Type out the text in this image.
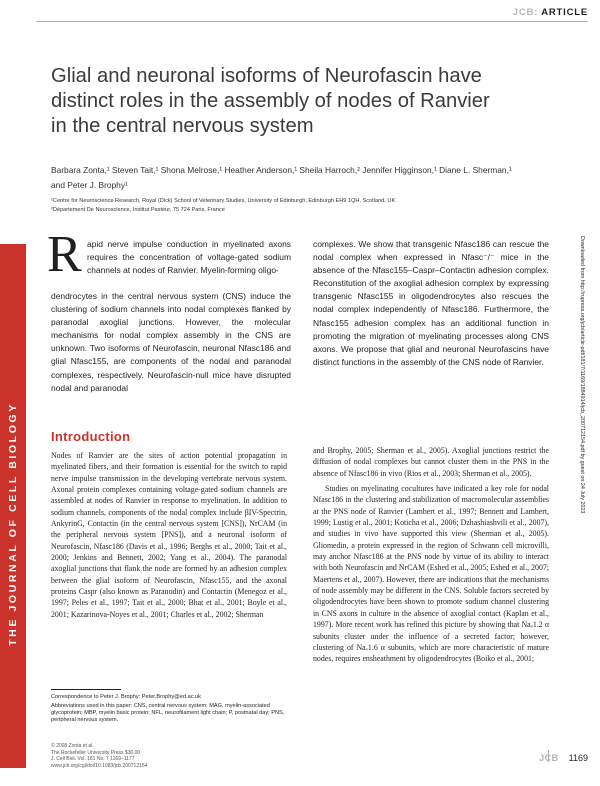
JCB: ARTICLE
THE JOURNAL OF CELL BIOLOGY
Glial and neuronal isoforms of Neurofascin have distinct roles in the assembly of nodes of Ranvier in the central nervous system
Barbara Zonta,¹ Steven Tait,¹ Shona Melrose,¹ Heather Anderson,¹ Sheila Harroch,² Jennifer Higginson,¹ Diane L. Sherman,¹ and Peter J. Brophy¹
¹Centre for Neuroscience Research, Royal (Dick) School of Veterinary Studies, University of Edinburgh, Edinburgh EH9 1QH, Scotland, UK
²Département De Neuroscience, Institut Pasteur, 75 724 Paris, France
R apid nerve impulse conduction in myelinated axons requires the concentration of voltage-gated sodium channels at nodes of Ranvier. Myelin-forming oligo-

dendrocytes in the central nervous system (CNS) induce the clustering of sodium channels into nodal complexes flanked by paranodal axoglial junctions. However, the molecular mechanisms for nodal complex assembly in the CNS are unknown. Two isoforms of Neurofascin, neuronal Nfasc186 and glial Nfasc155, are components of the nodal and paranodal complexes, respectively. Neurofascin-null mice have disrupted nodal and paranodal

complexes. We show that transgenic Nfasc186 can rescue the nodal complex when expressed in Nfasc⁻/⁻ mice in the absence of the Nfasc155–Caspr–Contactin adhesion complex. Reconstitution of the axoglial adhesion complex by expressing transgenic Nfasc155 in oligodendrocytes also rescues the nodal complex independently of Nfasc186. Furthermore, the Nfasc155 adhesion complex has an additional function in promoting the migration of myelinating processes along CNS axons. We propose that glial and neuronal Neurofascins have distinct functions in the assembly of the CNS node of Ranvier.

Introduction

Nodes of Ranvier are the sites of action potential propagation in myelinated fibers, and their formation is essential for the switch to rapid nerve impulse transmission in the developing vertebrate nervous system. Axonal protein complexes containing voltage-gated sodium channels are assembled at nodes of Ranvier in response to myelination. In addition to sodium channels, components of the nodal complex include βIV-Spectrin, AnkyrinG, Contactin (in the central nervous system [CNS]), NrCAM (in the peripheral nervous system [PNS]), and a neuronal isoform of Neurofascin, Nfasc186 (Davis et al., 1996; Berghs et al., 2000; Tait et al., 2000; Jenkins and Bennett, 2002; Yang et al., 2004). The paranodal axoglial junctions that flank the node are formed by an adhesion complex between the glial isoform of Neurofascin, Nfasc155, and the axonal proteins Caspr (also known as Paranodin) and Contactin (Menegoz et al., 1997; Peles et al., 1997; Tait et al., 2000; Bhat et al., 2001; Boyle et al., 2001; Kazarinova-Noyes et al., 2001; Charles et al., 2002; Sherman

and Brophy, 2005; Sherman et al., 2005). Axoglial junctions restrict the diffusion of nodal complexes but cannot cluster them in the PNS in the absence of Nfasc186 in vivo (Rios et al., 2003; Sherman et al., 2005).

Studies on myelinating cocultures have indicated a key role for nodal Nfasc186 in the clustering and stabilization of macromolecular assemblies at the PNS node of Ranvier (Lambert et al., 1997; Bennett and Lambert, 1999; Lustig et al., 2001; Koticha et al., 2006; Dzhashiashvili et al., 2007), and studies in vivo have supported this view (Sherman et al., 2005). Gliomedin, a protein expressed in the region of Schwann cell microvilli, may anchor Nfasc186 at the PNS node by virtue of its ability to interact with both Neurofascin and NrCAM (Eshed et al., 2005; Eshed et al., 2007; Maertens et al., 2007). However, there are indications that the mechanisms of node assembly may be different in the CNS. Soluble factors secreted by oligodendrocytes have been shown to promote sodium channel clustering in CNS axons in culture in the absence of axoglial contact (Kaplan et al., 1997). More recent work has refined this picture by showing that Naᵥ1.2 α subunits cluster under the influence of a secreted factor; however, clustering of Naᵥ1.6 α subunits, which are more characteristic of mature nodes, requires ensheathment by oligodendrocytes (Boiko et al., 2001;

Correspondence to Peter J. Brophy: Peter.Brophy@ed.ac.uk
Abbreviations used in this paper: CNS, central nervous system; MAG, myelin-associated glycoprotein; MBP, myelin basic protein; NFL, neurofilament light chain; P, postnatal day; PNS, peripheral nervous system.
© 2008 Zonta et al.
The Rockefeller University Press $30.00
J. Cell Biol. Vol. 181 No. 7 1169–1177
www.jcb.org/cgi/doi/10.1083/jcb.200712154
Downloaded from http://rupress.org/jcb/article-pdf/181/7/1169/1884914/jcb_200712154.pdf by guest on 24 July 2023
JCB 1169
